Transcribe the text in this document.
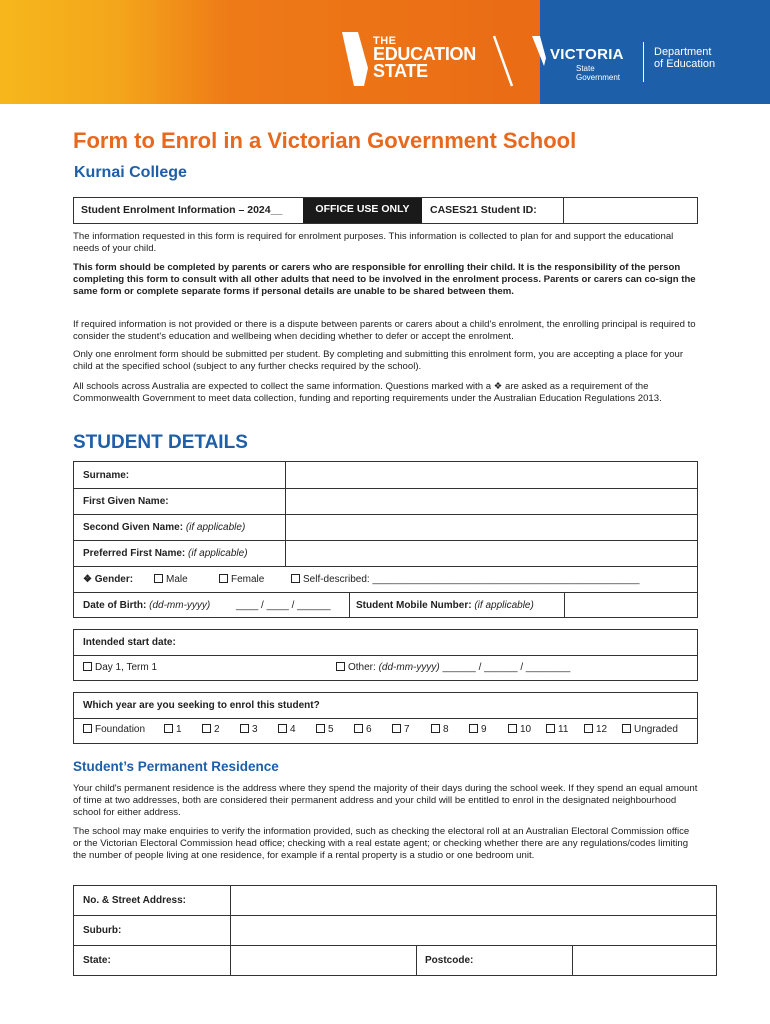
THE
EDUCATION
STATE
VICTORIA
State
Government
Department
of Education
Form to Enrol in a Victorian Government School
Kurnai College
Student Enrolment Information – 2024__	OFFICE USE ONLY	CASES21 Student ID:
The information requested in this form is required for enrolment purposes. This information is collected to plan for and support the educational needs of your child.
This form should be completed by parents or carers who are responsible for enrolling their child. It is the responsibility of the person completing this form to consult with all other adults that need to be involved in the enrolment process. Parents or carers can co-sign the same form or complete separate forms if personal details are unable to be shared between them.
If required information is not provided or there is a dispute between parents or carers about a child's enrolment, the enrolling principal is required to consider the student's education and wellbeing when deciding whether to defer or accept the enrolment.
Only one enrolment form should be submitted per student. By completing and submitting this enrolment form, you are accepting a place for your child at the specified school (subject to any further checks required by the school).
All schools across Australia are expected to collect the same information. Questions marked with a ❖ are asked as a requirement of the Commonwealth Government to meet data collection, funding and reporting requirements under the Australian Education Regulations 2013.
STUDENT DETAILS
Surname:
First Given Name:
Second Given Name: (if applicable)
Preferred First Name: (if applicable)
❖ Gender:	Male	Female	Self-described: ________________________________________________
Date of Birth: (dd-mm-yyyy)	____ / ____ / ______	Student Mobile Number: (if applicable)
Intended start date:
Day 1, Term 1	Other: (dd-mm-yyyy) ______ / ______ / ________
Which year are you seeking to enrol this student?
Foundation	1	2	3	4	5	6	7	8	9	10	11	12	Ungraded
Student’s Permanent Residence
Your child's permanent residence is the address where they spend the majority of their days during the school week. If they spend an equal amount of time at two addresses, both are considered their permanent address and your child will be entitled to enrol in the designated neighbourhood school for either address.
The school may make enquiries to verify the information provided, such as checking the electoral roll at an Australian Electoral Commission office or the Victorian Electoral Commission head office; checking with a real estate agent; or checking whether there are any regulations/codes limiting the number of people living at one residence, for example if a rental property is a studio or one bedroom unit.
No. & Street Address:
Suburb:
State:	Postcode:
